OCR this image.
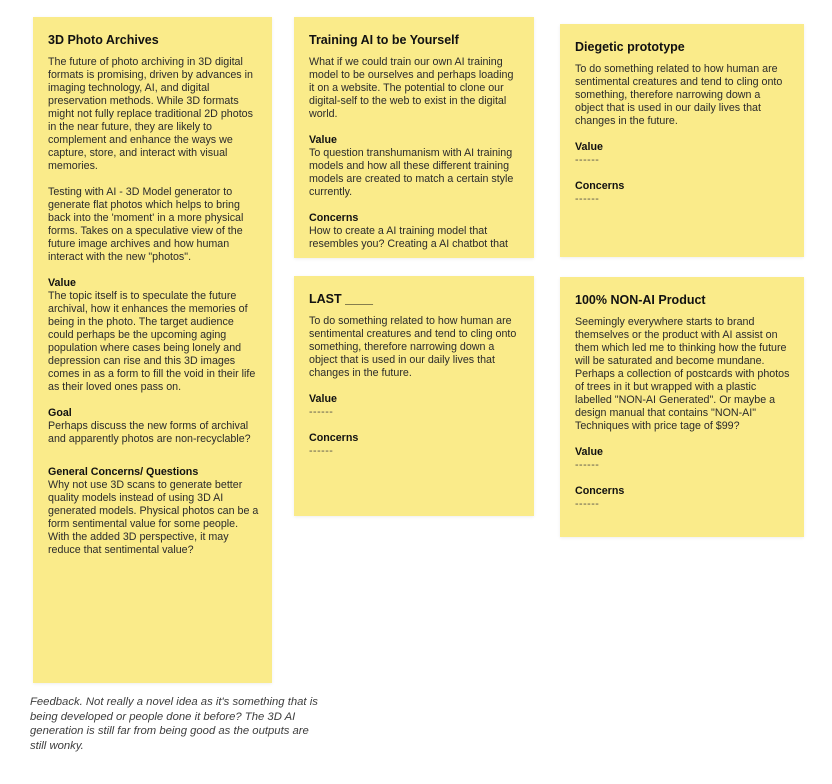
3D Photo Archives

The future of photo archiving in 3D digital formats is promising, driven by advances in imaging technology, AI, and digital preservation methods. While 3D formats might not fully replace traditional 2D photos in the near future, they are likely to complement and enhance the ways we capture, store, and interact with visual memories.

Testing with AI - 3D Model generator to generate flat photos which helps to bring back into the 'moment' in a more physical forms. Takes on a speculative view of the future image archives and how human interact with the new "photos".

Value

The topic itself is to speculate the future archival, how it enhances the memories of being in the photo. The target audience could perhaps be the upcoming aging population where cases being lonely and depression can rise and this 3D images comes in as a form to fill the void in their life as their loved ones pass on.

Goal

Perhaps discuss the new forms of archival and apparently photos are non-recyclable?

General Concerns/ Questions

Why not use 3D scans to generate better quality models instead of using 3D AI generated models. Physical photos can be a form sentimental value for some people. With the added 3D perspective, it may reduce that sentimental value?

Training AI to be Yourself

What if we could train our own AI training model to be ourselves and perhaps loading it on a website. The potential to clone our digital-self to the web to exist in the digital world.

Value

To question transhumanism with AI training models and how all these different training models are created to match a certain style currently.

Concerns

How to create a AI training model that resembles you? Creating a AI chatbot that

Diegetic prototype

To do something related to how human are sentimental creatures and tend to cling onto something, therefore narrowing down a object that is used in our daily lives that changes in the future.

Value

------

Concerns

------

LAST ____

To do something related to how human are sentimental creatures and tend to cling onto something, therefore narrowing down a object that is used in our daily lives that changes in the future.

Value

------

Concerns

------

100% NON-AI Product

Seemingly everywhere starts to brand themselves or the product with AI assist on them which led me to thinking how the future will be saturated and become mundane. Perhaps a collection of postcards with photos of trees in it but wrapped with a plastic labelled "NON-AI Generated". Or maybe a design manual that contains "NON-AI" Techniques with price tage of $99?

Value

------

Concerns

------

Feedback. Not really a novel idea as it's something that is being developed or people done it before? The 3D AI generation is still far from being good as the outputs are still wonky.
